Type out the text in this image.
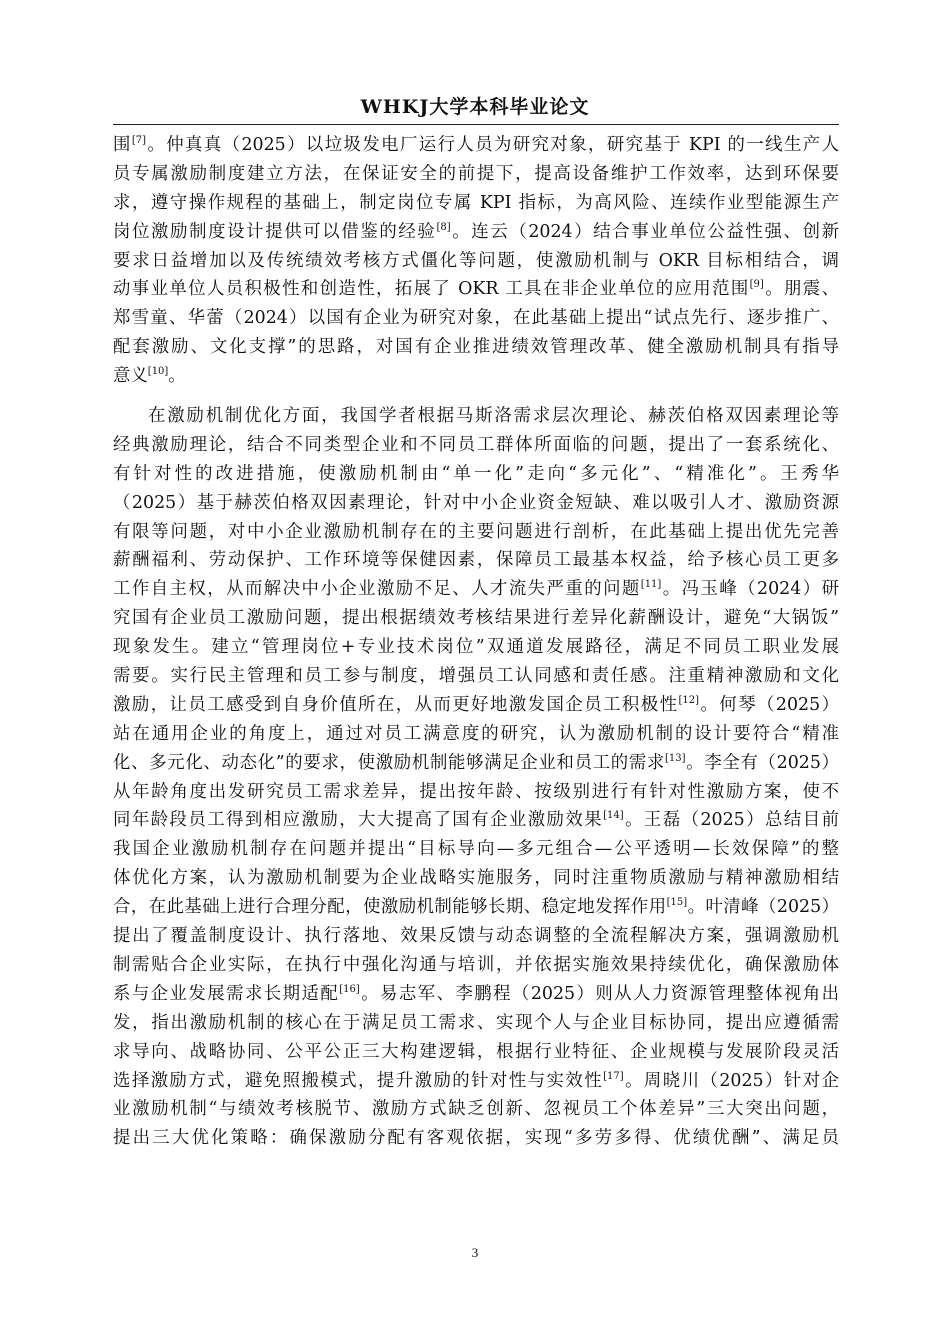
WHKJ大学本科毕业论文
围[7]。仲真真（2025）以垃圾发电厂运行人员为研究对象，研究基于 KPI 的一线生产人
员专属激励制度建立方法，在保证安全的前提下，提高设备维护工作效率，达到环保要
求，遵守操作规程的基础上，制定岗位专属 KPI 指标，为高风险、连续作业型能源生产
岗位激励制度设计提供可以借鉴的经验[8]。连云（2024）结合事业单位公益性强、创新
要求日益增加以及传统绩效考核方式僵化等问题，使激励机制与 OKR 目标相结合，调
动事业单位人员积极性和创造性，拓展了 OKR 工具在非企业单位的应用范围[9]。朋震、
郑雪童、华蕾（2024）以国有企业为研究对象，在此基础上提出“试点先行、逐步推广、
配套激励、文化支撑”的思路，对国有企业推进绩效管理改革、健全激励机制具有指导
意义[10]。
在激励机制优化方面，我国学者根据马斯洛需求层次理论、赫茨伯格双因素理论等
经典激励理论，结合不同类型企业和不同员工群体所面临的问题，提出了一套系统化、
有针对性的改进措施，使激励机制由“单一化”走向“多元化”、“精准化”。王秀华
（2025）基于赫茨伯格双因素理论，针对中小企业资金短缺、难以吸引人才、激励资源
有限等问题，对中小企业激励机制存在的主要问题进行剖析，在此基础上提出优先完善
薪酬福利、劳动保护、工作环境等保健因素，保障员工最基本权益，给予核心员工更多
工作自主权，从而解决中小企业激励不足、人才流失严重的问题[11]。冯玉峰（2024）研
究国有企业员工激励问题，提出根据绩效考核结果进行差异化薪酬设计，避免“大锅饭”
现象发生。建立“管理岗位+专业技术岗位”双通道发展路径，满足不同员工职业发展
需要。实行民主管理和员工参与制度，增强员工认同感和责任感。注重精神激励和文化
激励，让员工感受到自身价值所在，从而更好地激发国企员工积极性[12]。何琴（2025）
站在通用企业的角度上，通过对员工满意度的研究，认为激励机制的设计要符合“精准
化、多元化、动态化”的要求，使激励机制能够满足企业和员工的需求[13]。李全有（2025）
从年龄角度出发研究员工需求差异，提出按年龄、按级别进行有针对性激励方案，使不
同年龄段员工得到相应激励，大大提高了国有企业激励效果[14]。王磊（2025）总结目前
我国企业激励机制存在问题并提出“目标导向—多元组合—公平透明—长效保障”的整
体优化方案，认为激励机制要为企业战略实施服务，同时注重物质激励与精神激励相结
合，在此基础上进行合理分配，使激励机制能够长期、稳定地发挥作用[15]。叶清峰（2025）
提出了覆盖制度设计、执行落地、效果反馈与动态调整的全流程解决方案，强调激励机
制需贴合企业实际，在执行中强化沟通与培训，并依据实施效果持续优化，确保激励体
系与企业发展需求长期适配[16]。易志军、李鹏程（2025）则从人力资源管理整体视角出
发，指出激励机制的核心在于满足员工需求、实现个人与企业目标协同，提出应遵循需
求导向、战略协同、公平公正三大构建逻辑，根据行业特征、企业规模与发展阶段灵活
选择激励方式，避免照搬模式，提升激励的针对性与实效性[17]。周晓川（2025）针对企
业激励机制“与绩效考核脱节、激励方式缺乏创新、忽视员工个体差异”三大突出问题，
提出三大优化策略：确保激励分配有客观依据，实现“多劳多得、优绩优酬”、满足员
3
